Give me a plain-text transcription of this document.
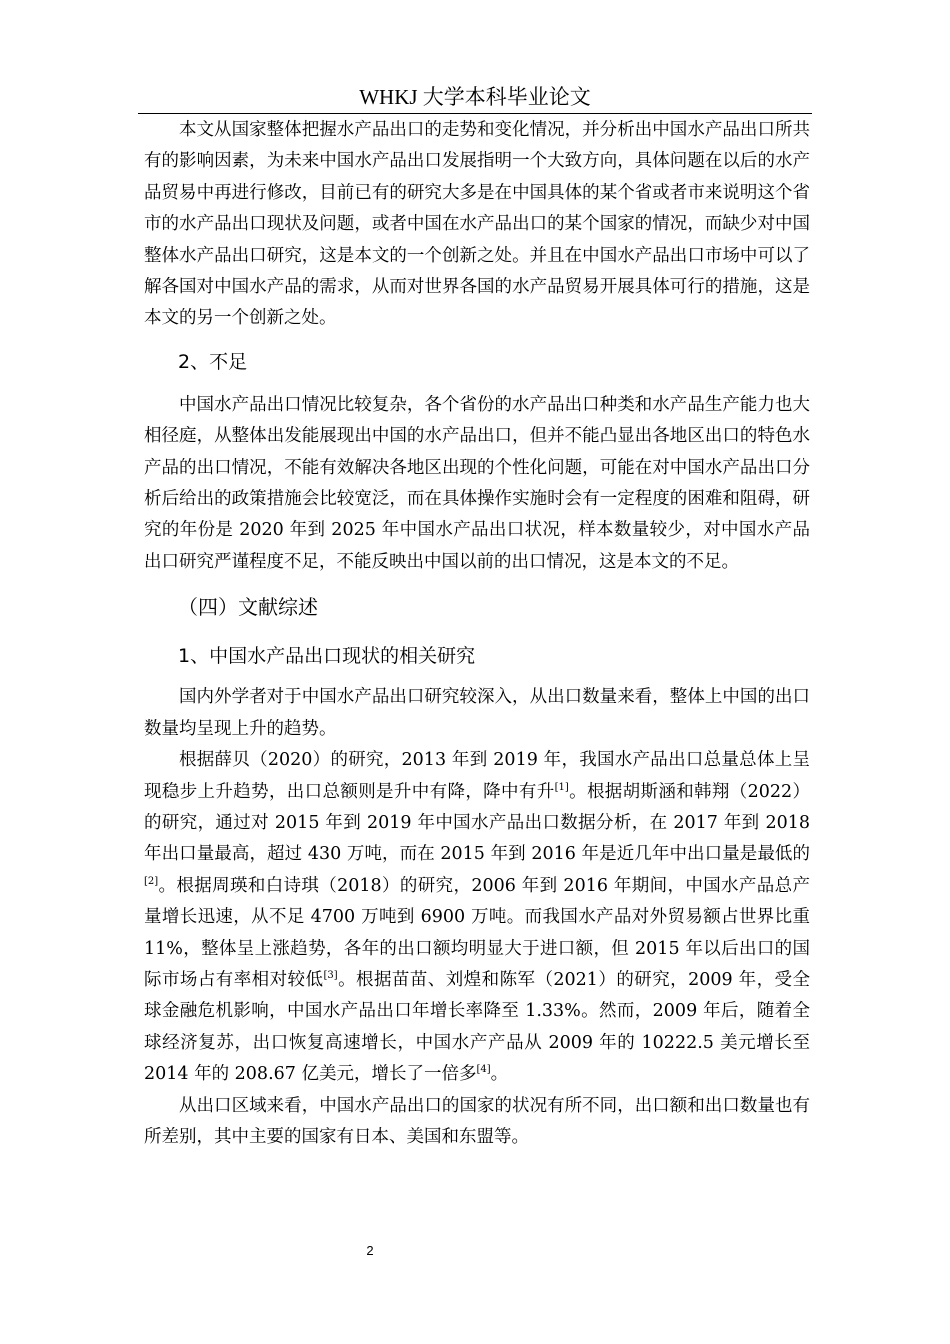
WHKJ 大学本科毕业论文

本文从国家整体把握水产品出口的走势和变化情况，并分析出中国水产品出口所共有的影响因素，为未来中国水产品出口发展指明一个大致方向，具体问题在以后的水产品贸易中再进行修改，目前已有的研究大多是在中国具体的某个省或者市来说明这个省市的水产品出口现状及问题，或者中国在水产品出口的某个国家的情况，而缺少对中国整体水产品出口研究，这是本文的一个创新之处。并且在中国水产品出口市场中可以了解各国对中国水产品的需求，从而对世界各国的水产品贸易开展具体可行的措施，这是本文的另一个创新之处。

2、不足

中国水产品出口情况比较复杂，各个省份的水产品出口种类和水产品生产能力也大相径庭，从整体出发能展现出中国的水产品出口，但并不能凸显出各地区出口的特色水产品的出口情况，不能有效解决各地区出现的个性化问题，可能在对中国水产品出口分析后给出的政策措施会比较宽泛，而在具体操作实施时会有一定程度的困难和阻碍，研究的年份是 2020 年到 2025 年中国水产品出口状况，样本数量较少，对中国水产品出口研究严谨程度不足，不能反映出中国以前的出口情况，这是本文的不足。

（四）文献综述

1、中国水产品出口现状的相关研究

国内外学者对于中国水产品出口研究较深入，从出口数量来看，整体上中国的出口数量均呈现上升的趋势。

根据薛贝（2020）的研究，2013 年到 2019 年，我国水产品出口总量总体上呈现稳步上升趋势，出口总额则是升中有降，降中有升[1]。根据胡斯涵和韩翔（2022）的研究，通过对 2015 年到 2019 年中国水产品出口数据分析，在 2017 年到 2018 年出口量最高，超过 430 万吨，而在 2015 年到 2016 年是近几年中出口量是最低的[2]。根据周瑛和白诗琪（2018）的研究，2006 年到 2016 年期间，中国水产品总产量增长迅速，从不足 4700 万吨到 6900 万吨。而我国水产品对外贸易额占世界比重 11%，整体呈上涨趋势，各年的出口额均明显大于进口额，但 2015 年以后出口的国际市场占有率相对较低[3]。根据苗苗、刘煌和陈军（2021）的研究，2009 年，受全球金融危机影响，中国水产品出口年增长率降至 1.33%。然而，2009 年后，随着全球经济复苏，出口恢复高速增长，中国水产产品从 2009 年的 10222.5 美元增长至 2014 年的 208.67 亿美元，增长了一倍多[4]。

从出口区域来看，中国水产品出口的国家的状况有所不同，出口额和出口数量也有所差别，其中主要的国家有日本、美国和东盟等。

2
